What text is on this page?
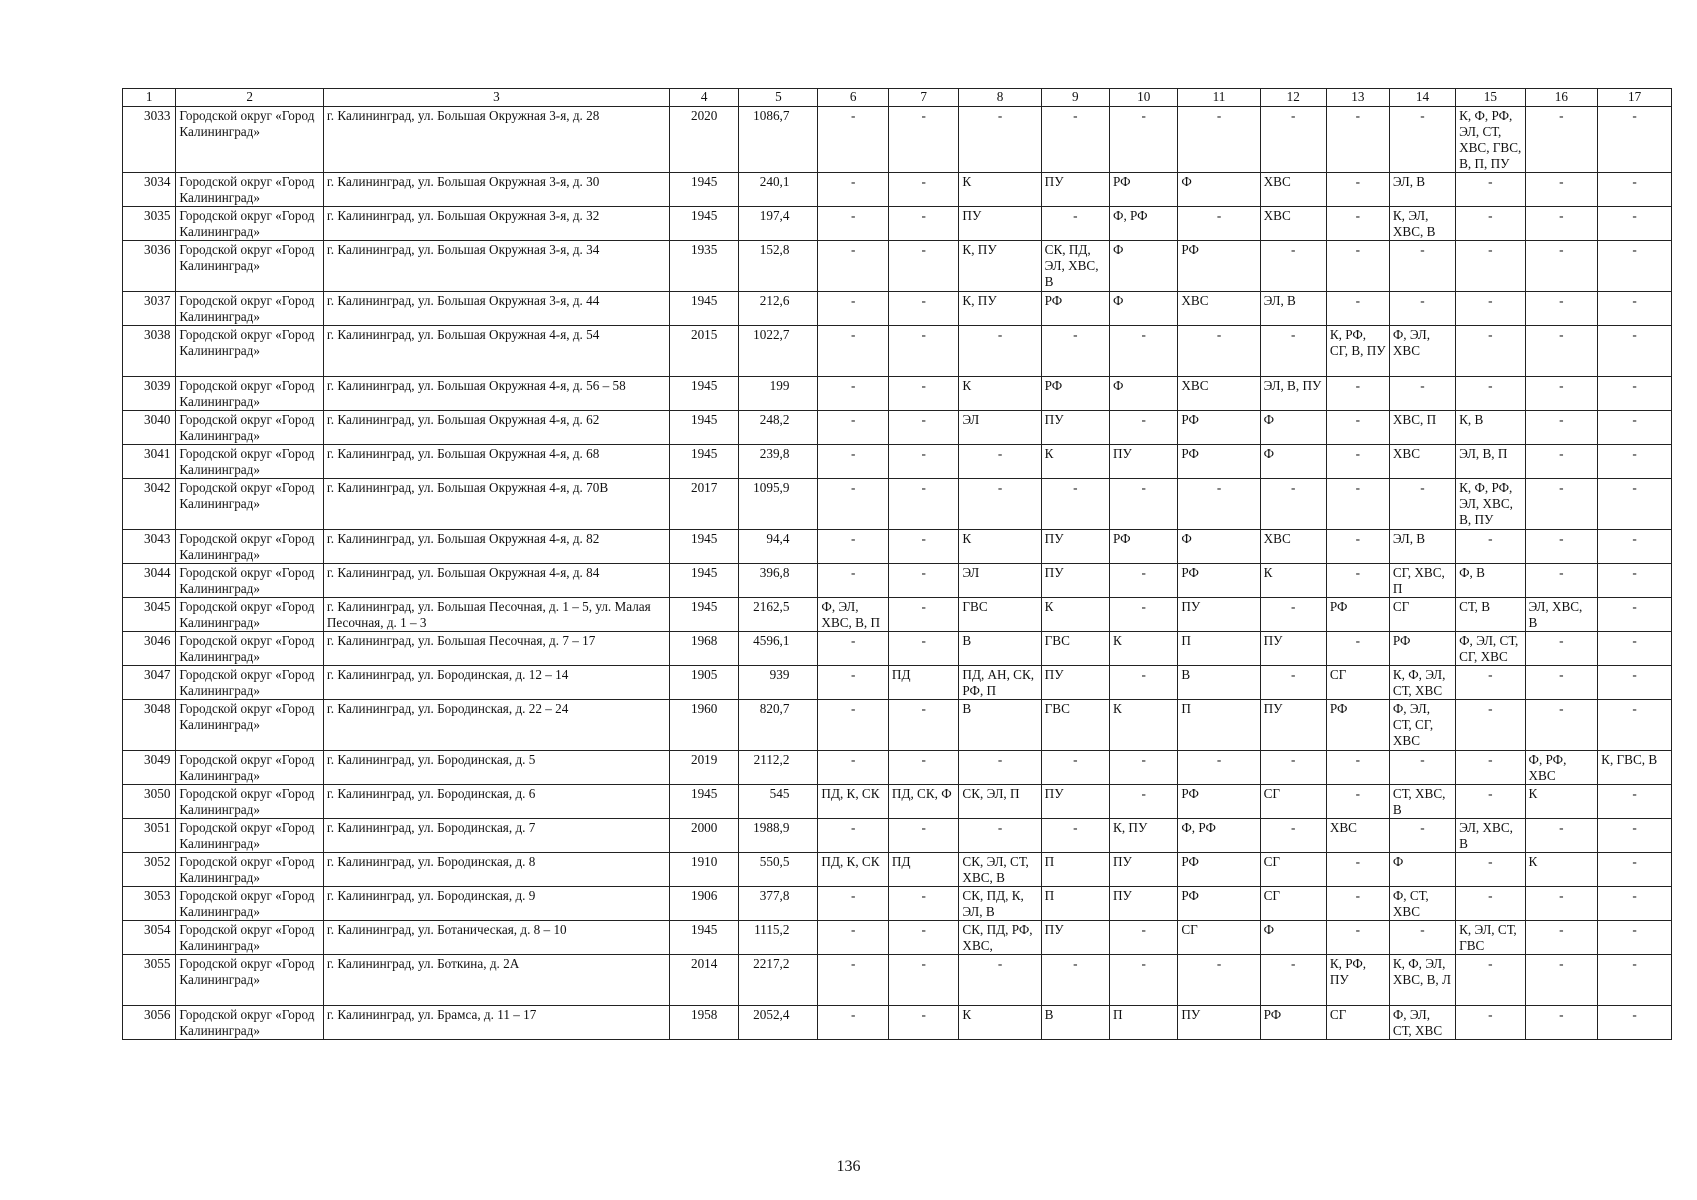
1	2	3	4	5	6	7	8	9	10	11	12	13	14	15	16	17
3033	Городской округ «Город Калининград»	г. Калининград, ул. Большая Окружная 3-я, д. 28	2020	1086,7	-	-	-	-	-	-	-	-	-	К, Ф, РФ, ЭЛ, СТ, ХВС, ГВС, В, П, ПУ	-	-
3034	Городской округ «Город Калининград»	г. Калининград, ул. Большая Окружная 3-я, д. 30	1945	240,1	-	-	К	ПУ	РФ	Ф	ХВС	-	ЭЛ, В	-	-	-
3035	Городской округ «Город Калининград»	г. Калининград, ул. Большая Окружная 3-я, д. 32	1945	197,4	-	-	ПУ	-	Ф, РФ	-	ХВС	-	К, ЭЛ, ХВС, В	-	-	-
3036	Городской округ «Город Калининград»	г. Калининград, ул. Большая Окружная 3-я, д. 34	1935	152,8	-	-	К, ПУ	СК, ПД, ЭЛ, ХВС, В	Ф	РФ	-	-	-	-	-	-
3037	Городской округ «Город Калининград»	г. Калининград, ул. Большая Окружная 3-я, д. 44	1945	212,6	-	-	К, ПУ	РФ	Ф	ХВС	ЭЛ, В	-	-	-	-	-
3038	Городской округ «Город Калининград»	г. Калининград, ул. Большая Окружная 4-я, д. 54	2015	1022,7	-	-	-	-	-	-	-	К, РФ, СГ, В, ПУ	Ф, ЭЛ, ХВС	-	-	-
3039	Городской округ «Город Калининград»	г. Калининград, ул. Большая Окружная 4-я, д. 56 – 58	1945	199	-	-	К	РФ	Ф	ХВС	ЭЛ, В, ПУ	-	-	-	-	-
3040	Городской округ «Город Калининград»	г. Калининград, ул. Большая Окружная 4-я, д. 62	1945	248,2	-	-	ЭЛ	ПУ	-	РФ	Ф	-	ХВС, П	К, В	-	-
3041	Городской округ «Город Калининград»	г. Калининград, ул. Большая Окружная 4-я, д. 68	1945	239,8	-	-	-	К	ПУ	РФ	Ф	-	ХВС	ЭЛ, В, П	-	-
3042	Городской округ «Город Калининград»	г. Калининград, ул. Большая Окружная 4-я, д. 70В	2017	1095,9	-	-	-	-	-	-	-	-	-	К, Ф, РФ, ЭЛ, ХВС, В, ПУ	-	-
3043	Городской округ «Город Калининград»	г. Калининград, ул. Большая Окружная 4-я, д. 82	1945	94,4	-	-	К	ПУ	РФ	Ф	ХВС	-	ЭЛ, В	-	-	-
3044	Городской округ «Город Калининград»	г. Калининград, ул. Большая Окружная 4-я, д. 84	1945	396,8	-	-	ЭЛ	ПУ	-	РФ	К	-	СГ, ХВС, П	Ф, В	-	-
3045	Городской округ «Город Калининград»	г. Калининград, ул. Большая Песочная, д. 1 – 5, ул. Малая Песочная, д. 1 – 3	1945	2162,5	Ф, ЭЛ, ХВС, В, П	-	ГВС	К	-	ПУ	-	РФ	СГ	СТ, В	ЭЛ, ХВС, В	-
3046	Городской округ «Город Калининград»	г. Калининград, ул. Большая Песочная, д. 7 – 17	1968	4596,1	-	-	В	ГВС	К	П	ПУ	-	РФ	Ф, ЭЛ, СТ, СГ, ХВС	-	-
3047	Городской округ «Город Калининград»	г. Калининград, ул. Бородинская, д. 12 – 14	1905	939	-	ПД	ПД, АН, СК, РФ, П	ПУ	-	В	-	СГ	К, Ф, ЭЛ, СТ, ХВС	-	-	-
3048	Городской округ «Город Калининград»	г. Калининград, ул. Бородинская, д. 22 – 24	1960	820,7	-	-	В	ГВС	К	П	ПУ	РФ	Ф, ЭЛ, СТ, СГ, ХВС	-	-	-
3049	Городской округ «Город Калининград»	г. Калининград, ул. Бородинская, д. 5	2019	2112,2	-	-	-	-	-	-	-	-	-	-	Ф, РФ, ХВС	К, ГВС, В
3050	Городской округ «Город Калининград»	г. Калининград, ул. Бородинская, д. 6	1945	545	ПД, К, СК	ПД, СК, Ф	СК, ЭЛ, П	ПУ	-	РФ	СГ	-	СТ, ХВС, В	-	К	-
3051	Городской округ «Город Калининград»	г. Калининград, ул. Бородинская, д. 7	2000	1988,9	-	-	-	-	К, ПУ	Ф, РФ	-	ХВС	-	ЭЛ, ХВС, В	-	-
3052	Городской округ «Город Калининград»	г. Калининград, ул. Бородинская, д. 8	1910	550,5	ПД, К, СК	ПД	СК, ЭЛ, СТ, ХВС, В	П	ПУ	РФ	СГ	-	Ф	-	К	-
3053	Городской округ «Город Калининград»	г. Калининград, ул. Бородинская, д. 9	1906	377,8	-	-	СК, ПД, К, ЭЛ, В	П	ПУ	РФ	СГ	-	Ф, СТ, ХВС	-	-	-
3054	Городской округ «Город Калининград»	г. Калининград, ул. Ботаническая, д. 8 – 10	1945	1115,2	-	-	СК, ПД, РФ, ХВС,	ПУ	-	СГ	Ф	-	-	К, ЭЛ, СТ, ГВС	-	-
3055	Городской округ «Город Калининград»	г. Калининград, ул. Боткина, д. 2А	2014	2217,2	-	-	-	-	-	-	-	К, РФ, ПУ	К, Ф, ЭЛ, ХВС, В, Л	-	-	-
3056	Городской округ «Город Калининград»	г. Калининград, ул. Брамса, д. 11 – 17	1958	2052,4	-	-	К	В	П	ПУ	РФ	СГ	Ф, ЭЛ, СТ, ХВС	-	-	-
136
